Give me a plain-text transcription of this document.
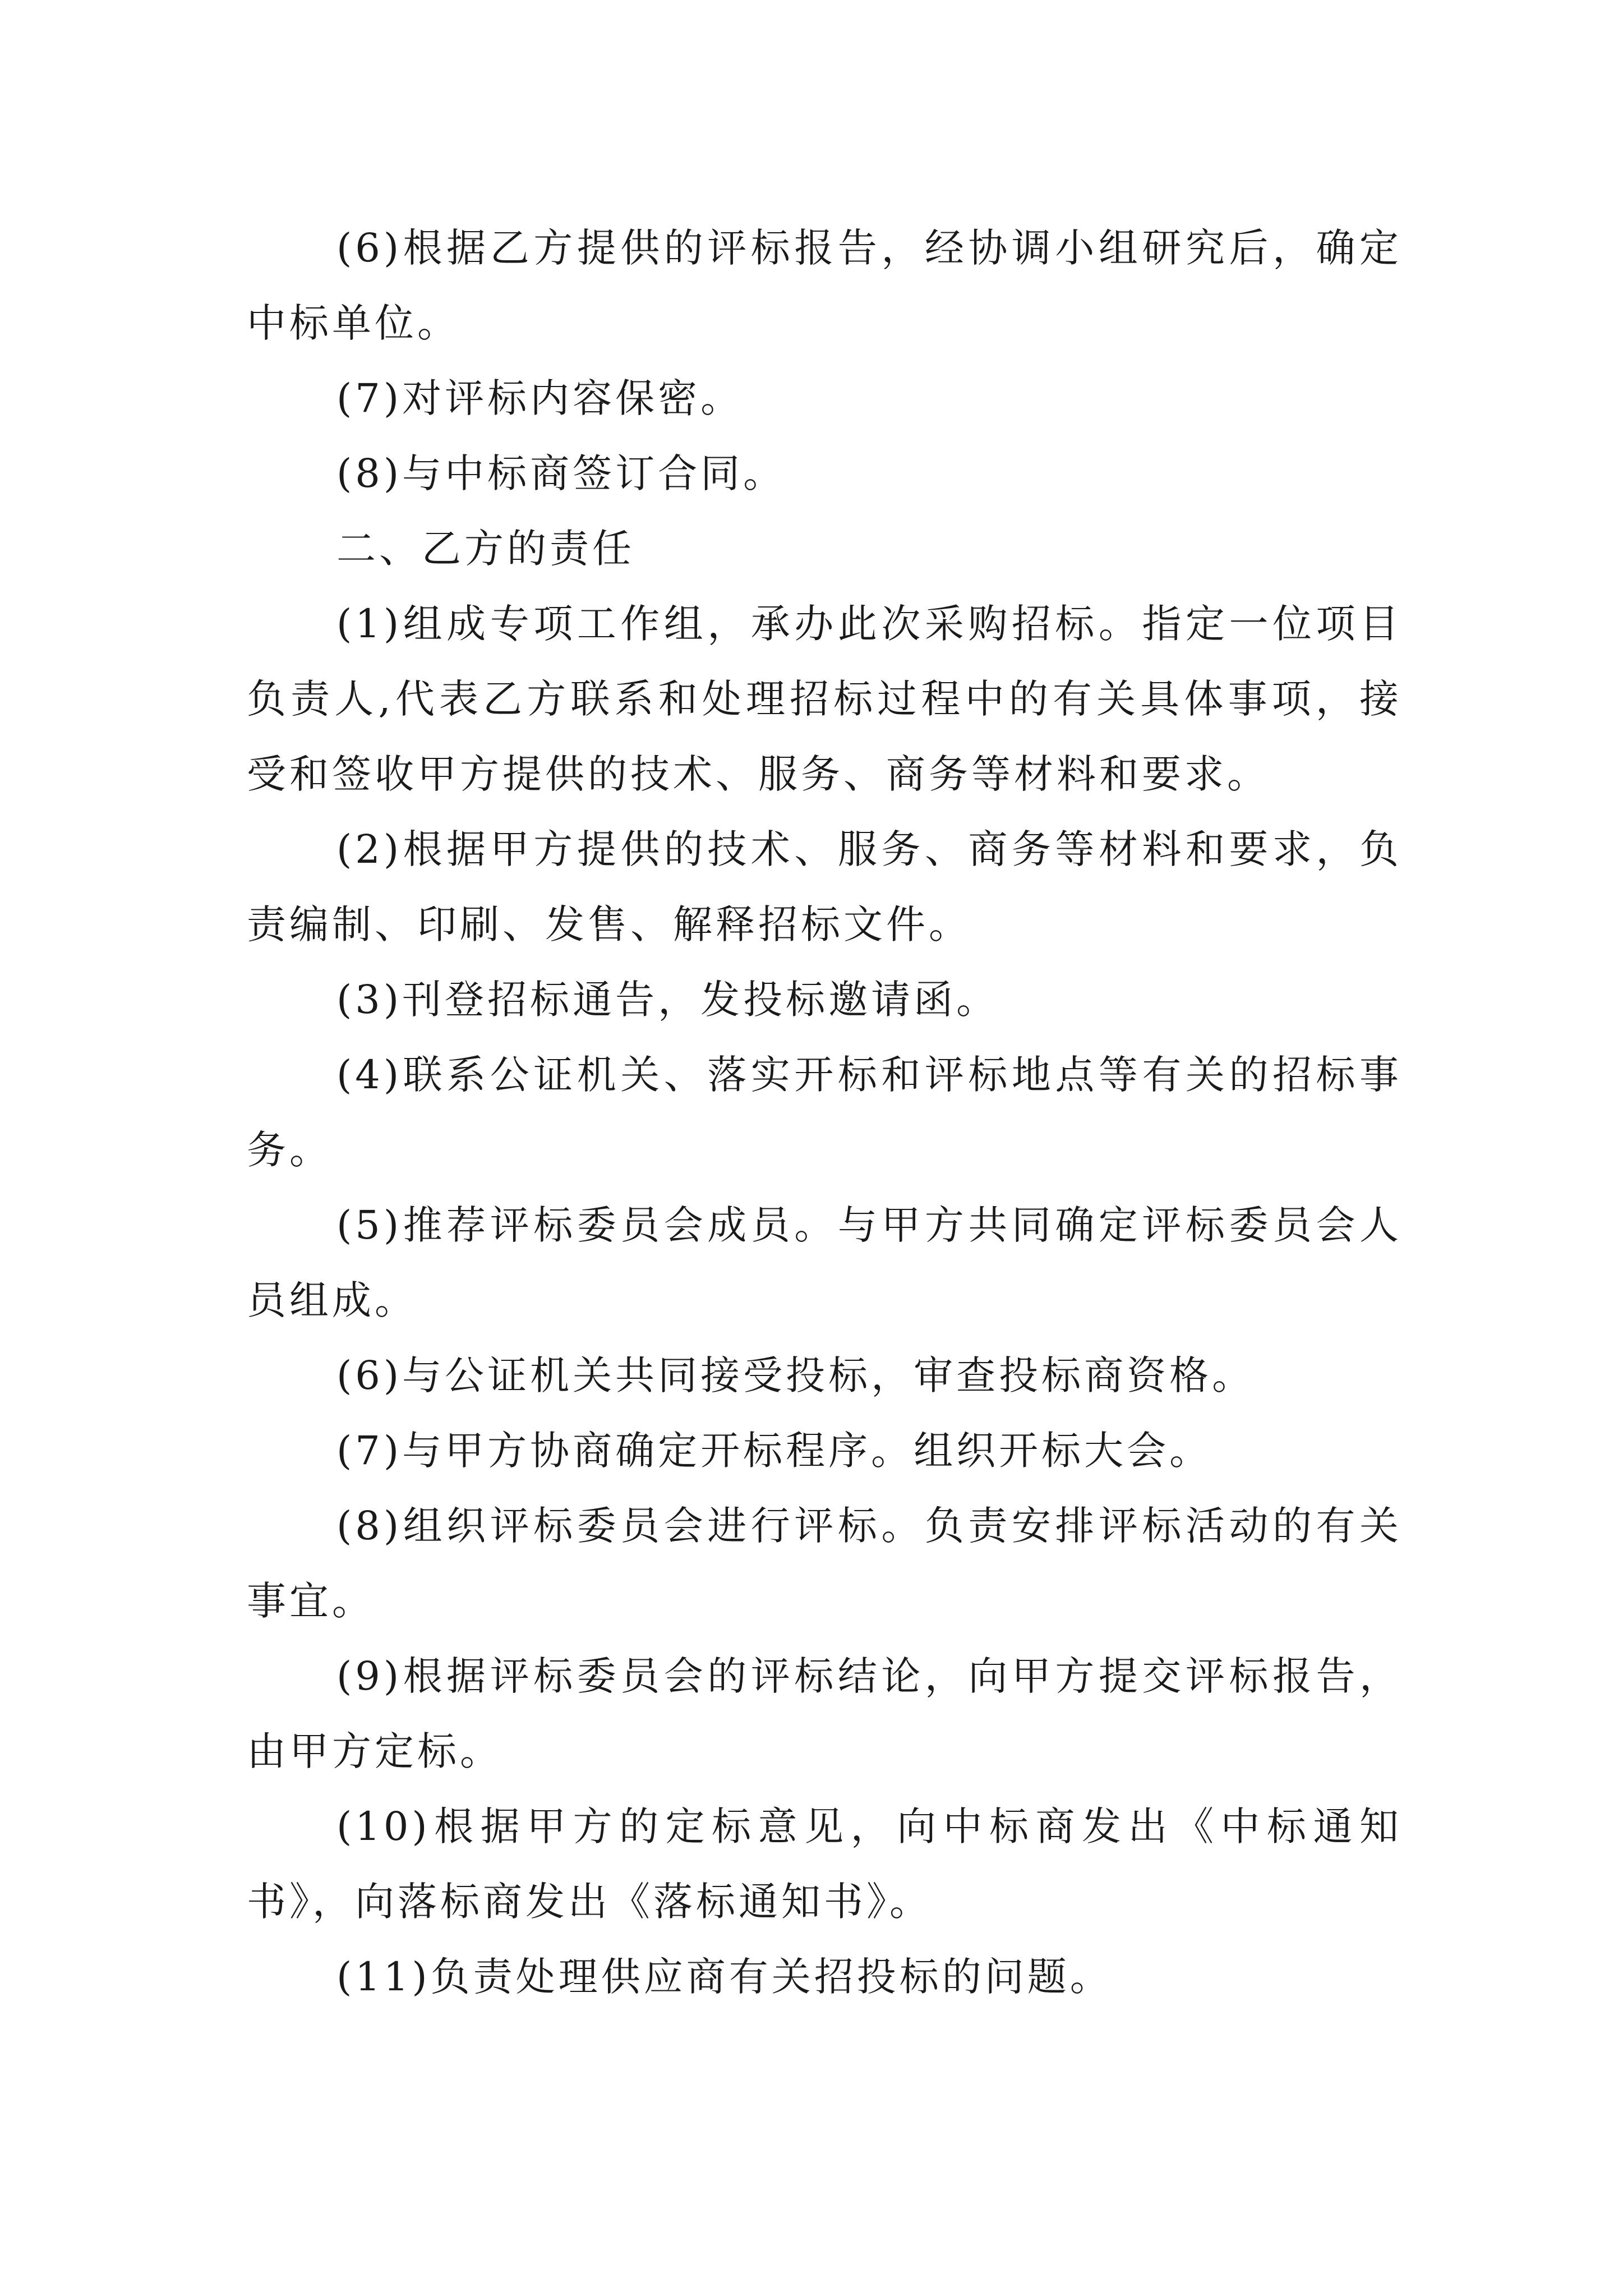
(6)根据乙方提供的评标报告，经协调小组研究后，确定中标单位。

(7)对评标内容保密。

(8)与中标商签订合同。

二、乙方的责任

(1)组成专项工作组，承办此次采购招标。指定一位项目负责人,代表乙方联系和处理招标过程中的有关具体事项，接受和签收甲方提供的技术、服务、商务等材料和要求。

(2)根据甲方提供的技术、服务、商务等材料和要求，负责编制、印刷、发售、解释招标文件。

(3)刊登招标通告，发投标邀请函。

(4)联系公证机关、落实开标和评标地点等有关的招标事务。

(5)推荐评标委员会成员。与甲方共同确定评标委员会人员组成。

(6)与公证机关共同接受投标，审查投标商资格。

(7)与甲方协商确定开标程序。组织开标大会。

(8)组织评标委员会进行评标。负责安排评标活动的有关事宜。

(9)根据评标委员会的评标结论，向甲方提交评标报告，由甲方定标。

(10)根据甲方的定标意见，向中标商发出《中标通知书》，向落标商发出《落标通知书》。

(11)负责处理供应商有关招投标的问题。
